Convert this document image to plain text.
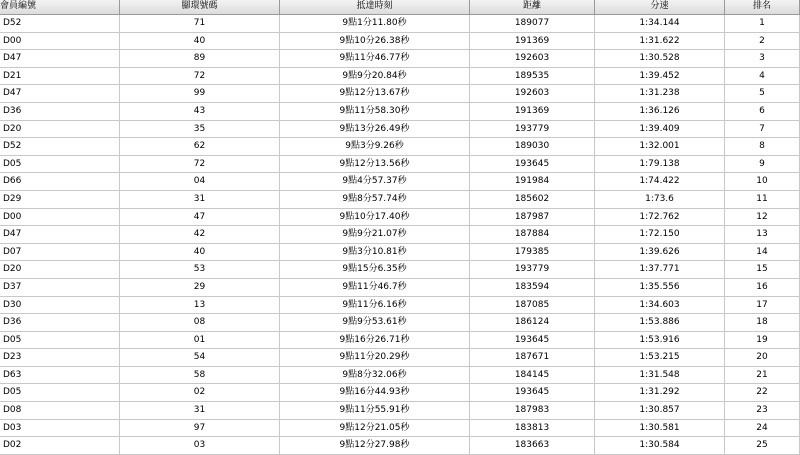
會員編號	腳環號碼	抵達時刻	距離	分速	排名
D52	71	9點1分11.80秒	189077	1:34.144	1
D00	40	9點10分26.38秒	191369	1:31.622	2
D47	89	9點11分46.77秒	192603	1:30.528	3
D21	72	9點9分20.84秒	189535	1:39.452	4
D47	99	9點12分13.67秒	192603	1:31.238	5
D36	43	9點11分58.30秒	191369	1:36.126	6
D20	35	9點13分26.49秒	193779	1:39.409	7
D52	62	9點3分9.26秒	189030	1:32.001	8
D05	72	9點12分13.56秒	193645	1:79.138	9
D66	04	9點4分57.37秒	191984	1:74.422	10
D29	31	9點8分57.74秒	185602	1:73.6	11
D00	47	9點10分17.40秒	187987	1:72.762	12
D47	42	9點9分21.07秒	187884	1:72.150	13
D07	40	9點3分10.81秒	179385	1:39.626	14
D20	53	9點15分6.35秒	193779	1:37.771	15
D37	29	9點11分46.7秒	183594	1:35.556	16
D30	13	9點11分6.16秒	187085	1:34.603	17
D36	08	9點9分53.61秒	186124	1:53.886	18
D05	01	9點16分26.71秒	193645	1:53.916	19
D23	54	9點11分20.29秒	187671	1:53.215	20
D63	58	9點8分32.06秒	184145	1:31.548	21
D05	02	9點16分44.93秒	193645	1:31.292	22
D08	31	9點11分55.91秒	187983	1:30.857	23
D03	97	9點12分21.05秒	183813	1:30.581	24
D02	03	9點12分27.98秒	183663	1:30.584	25
